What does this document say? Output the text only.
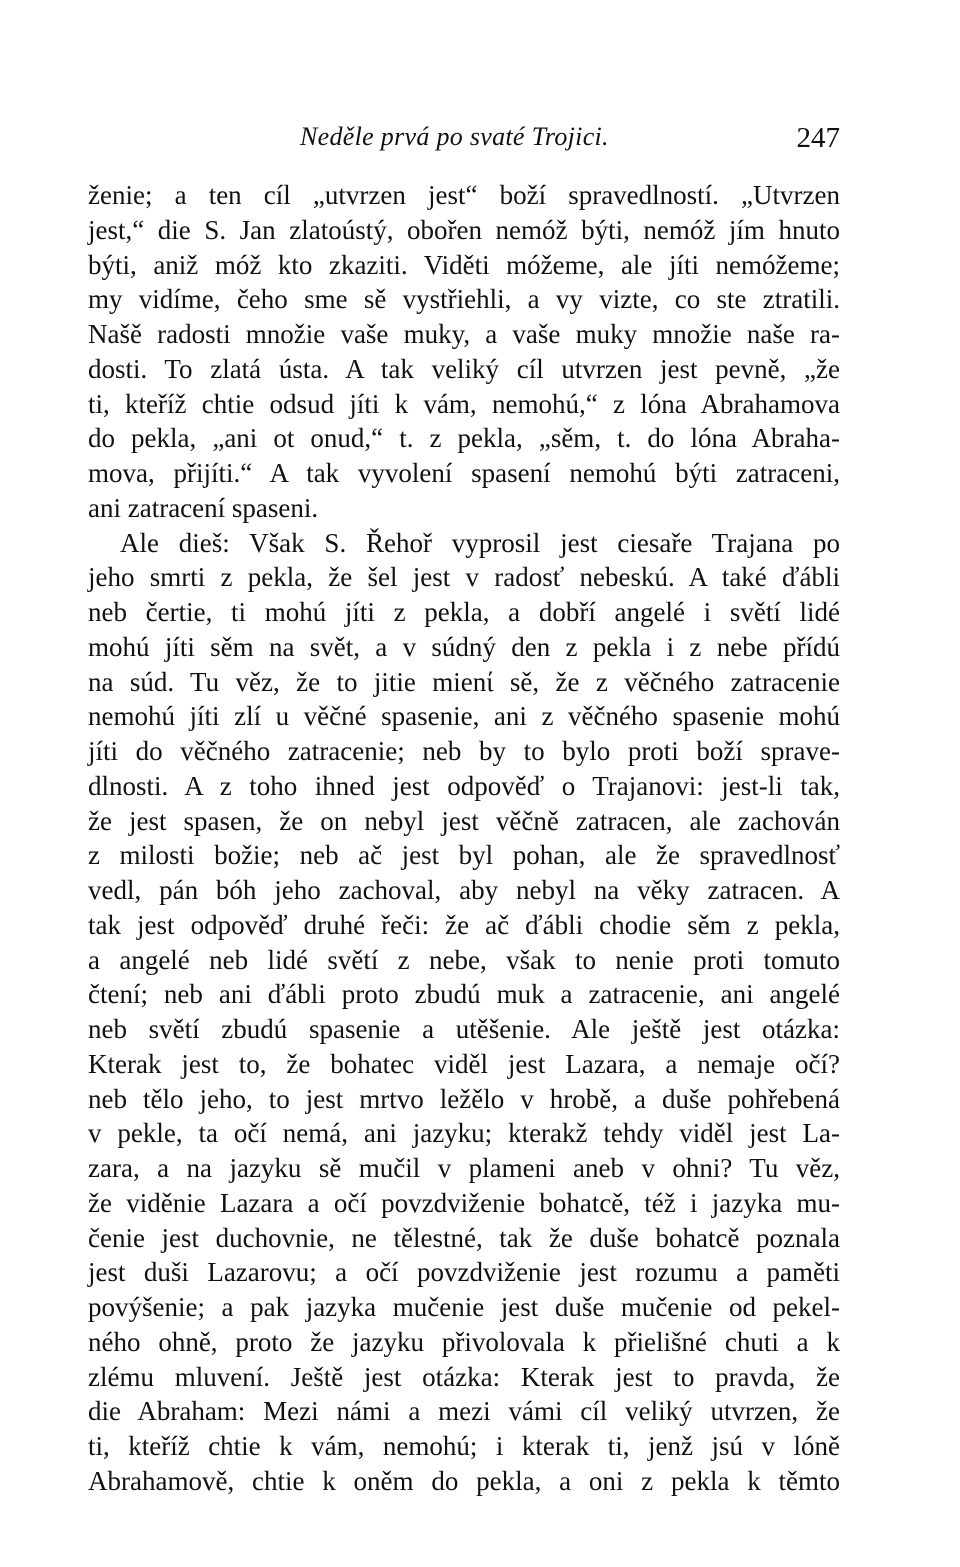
Neděle prvá po svaté Trojici.	247
ženie; a ten cíl „utvrzen jest“ boží spravedlností. „Utvrzen
jest,“ die S. Jan zlatoústý, obořen nemóž býti, nemóž jím hnuto
býti, aniž móž kto zkaziti. Viděti móžeme, ale jíti nemóžeme;
my vidíme, čeho sme sě vystřiehli, a vy vizte, co ste ztratili.
Našě radosti množie vaše muky, a vaše muky množie naše ra-
dosti. To zlatá ústa. A tak veliký cíl utvrzen jest pevně, „že
ti, kteříž chtie odsud jíti k vám, nemohú,“ z lóna Abrahamova
do pekla, „ani ot onud,“ t. z pekla, „sěm, t. do lóna Abraha-
mova, přijíti.“ A tak vyvolení spasení nemohú býti zatraceni,
ani zatracení spaseni.
Ale dieš: Však S. Řehoř vyprosil jest ciesaře Trajana po
jeho smrti z pekla, že šel jest v radosť nebeskú. A také ďábli
neb čertie, ti mohú jíti z pekla, a dobří angelé i světí lidé
mohú jíti sěm na svět, a v súdný den z pekla i z nebe přídú
na súd. Tu věz, že to jitie mienί sě, že z věčného zatracenie
nemohú jíti zlí u věčné spasenie, ani z věčného spasenie mohú
jíti do věčného zatracenie; neb by to bylo proti boží sprave-
dlnosti. A z toho ihned jest odpověď o Trajanovi: jest-li tak,
že jest spasen, že on nebyl jest věčně zatracen, ale zachován
z milosti božie; neb ač jest byl pohan, ale že spravedlnosť
vedl, pán bóh jeho zachoval, aby nebyl na věky zatracen. A
tak jest odpověď druhé řeči: že ač ďábli chodie sěm z pekla,
a angelé neb lidé světí z nebe, však to nenie proti tomuto
čtení; neb ani ďábli proto zbudú muk a zatracenie, ani angelé
neb světí zbudú spasenie a utěšenie. Ale ještě jest otázka:
Kterak jest to, že bohatec viděl jest Lazara, a nemaje očí?
neb tělo jeho, to jest mrtvo ležělo v hrobě, a duše pohřebená
v pekle, ta očí nemá, ani jazyku; kterakž tehdy viděl jest La-
zara, a na jazyku sě mučil v plameni aneb v ohni? Tu věz,
že viděnie Lazara a očí povzdviženie bohatcě, též i jazyka mu-
čenie jest duchovnie, ne tělestné, tak že duše bohatcě poznala
jest duši Lazarovu; a očí povzdviženie jest rozumu a paměti
povýšenie; a pak jazyka mučenie jest duše mučenie od pekel-
ného ohně, proto že jazyku přivolovala k přielišné chuti a k
zlému mluvení. Ještě jest otázka: Kterak jest to pravda, že
die Abraham: Mezi námi a mezi vámi cíl veliký utvrzen, že
ti, kteříž chtie k vám, nemohú; i kterak ti, jenž jsú v lóně
Abrahamově, chtie k oněm do pekla, a oni z pekla k těmto
